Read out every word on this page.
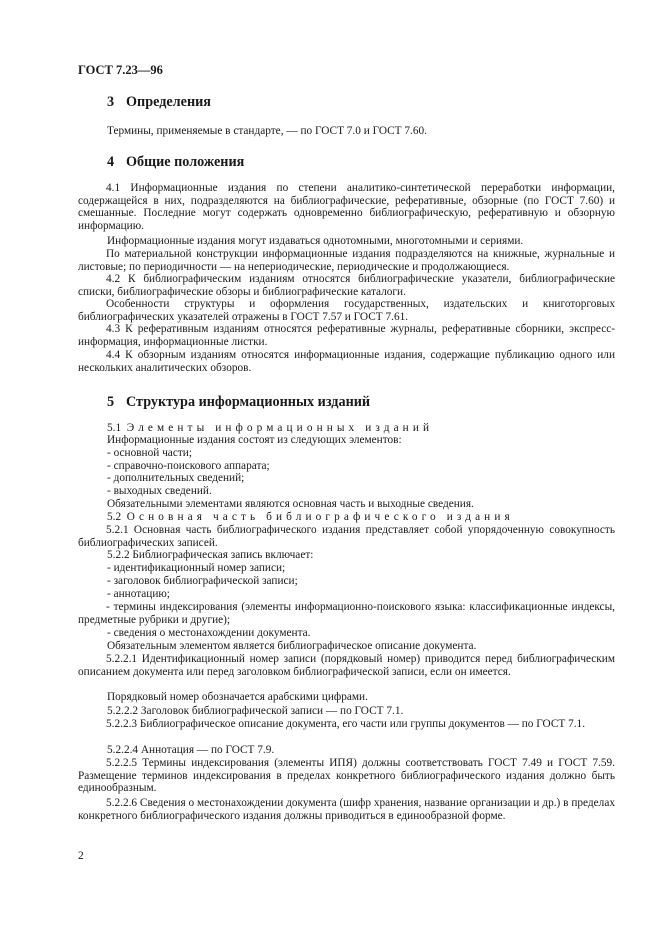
ГОСТ 7.23—96
3 Определения
Термины, применяемые в стандарте, — по ГОСТ 7.0 и ГОСТ 7.60.
4 Общие положения
4.1 Информационные издания по степени аналитико-синтетической переработки информации, содержащейся в них, подразделяются на библиографические, реферативные, обзорные (по ГОСТ 7.60) и смешанные. Последние могут содержать одновременно библиографическую, реферативную и обзорную информацию.
Информационные издания могут издаваться однотомными, многотомными и сериями.
По материальной конструкции информационные издания подразделяются на книжные, журнальные и листовые; по периодичности — на непериодические, периодические и продолжающиеся.
4.2 К библиографическим изданиям относятся библиографические указатели, библиографические списки, библиографические обзоры и библиографические каталоги.
Особенности структуры и оформления государственных, издательских и книготорговых библиографических указателей отражены в ГОСТ 7.57 и ГОСТ 7.61.
4.3 К реферативным изданиям относятся реферативные журналы, реферативные сборники, экспресс-информация, информационные листки.
4.4 К обзорным изданиям относятся информационные издания, содержащие публикацию одного или нескольких аналитических обзоров.
5 Структура информационных изданий
5.1 Элементы информационных изданий
Информационные издания состоят из следующих элементов:
- основной части;
- справочно-поискового аппарата;
- дополнительных сведений;
- выходных сведений.
Обязательными элементами являются основная часть и выходные сведения.
5.2 Основная часть библиографического издания
5.2.1 Основная часть библиографического издания представляет собой упорядоченную совокупность библиографических записей.
5.2.2 Библиографическая запись включает:
- идентификационный номер записи;
- заголовок библиографической записи;
- аннотацию;
- термины индексирования (элементы информационно-поискового языка: классификационные индексы, предметные рубрики и другие);
- сведения о местонахождении документа.
Обязательным элементом является библиографическое описание документа.
5.2.2.1 Идентификационный номер записи (порядковый номер) приводится перед библиографическим описанием документа или перед заголовком библиографической записи, если он имеется.
Порядковый номер обозначается арабскими цифрами.
5.2.2.2 Заголовок библиографической записи — по ГОСТ 7.1.
5.2.2.3 Библиографическое описание документа, его части или группы документов — по ГОСТ 7.1.
5.2.2.4 Аннотация — по ГОСТ 7.9.
5.2.2.5 Термины индексирования (элементы ИПЯ) должны соответствовать ГОСТ 7.49 и ГОСТ 7.59. Размещение терминов индексирования в пределах конкретного библиографического издания должно быть единообразным.
5.2.2.6 Сведения о местонахождении документа (шифр хранения, название организации и др.) в пределах конкретного библиографического издания должны приводиться в единообразной форме.
2
